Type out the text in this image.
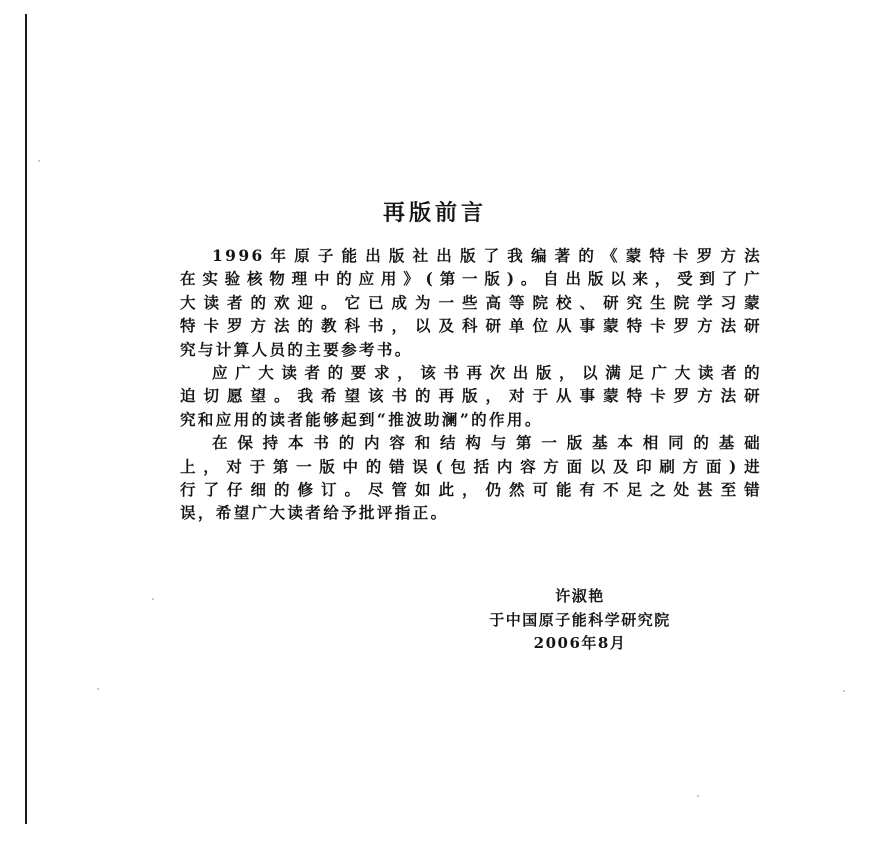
再版前言
1996年原子能出版社出版了我编著的《蒙特卡罗方法
在实验核物理中的应用》(第一版)。自出版以来，受到了广
大读者的欢迎。它已成为一些高等院校、研究生院学习蒙
特卡罗方法的教科书，以及科研单位从事蒙特卡罗方法研
究与计算人员的主要参考书。
应广大读者的要求，该书再次出版，以满足广大读者的
迫切愿望。我希望该书的再版，对于从事蒙特卡罗方法研
究和应用的读者能够起到“推波助澜”的作用。
在保持本书的内容和结构与第一版基本相同的基础
上，对于第一版中的错误(包括内容方面以及印刷方面)进
行了仔细的修订。尽管如此，仍然可能有不足之处甚至错
误，希望广大读者给予批评指正。
许淑艳
于中国原子能科学研究院
2006年8月
